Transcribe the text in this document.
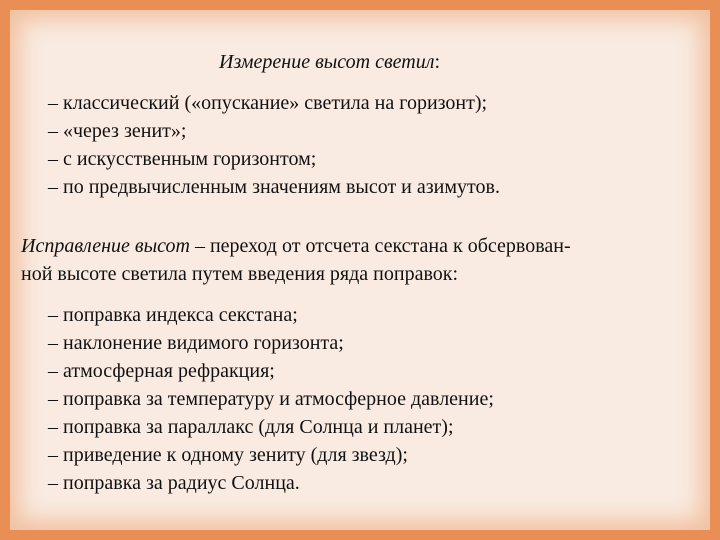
Измерение высот светил:

– классический («опускание» светила на горизонт);

– «через зенит»;

– с искусственным горизонтом;

– по предвычисленным значениям высот и азимутов.

Исправление высот – переход от отсчета секстана к обсервован-

ной высоте светила путем введения ряда поправок:

– поправка индекса секстана;

– наклонение видимого горизонта;

– атмосферная рефракция;

– поправка за температуру и атмосферное давление;

– поправка за параллакс (для Солнца и планет);

– приведение к одному зениту (для звезд);

– поправка за радиус Солнца.
